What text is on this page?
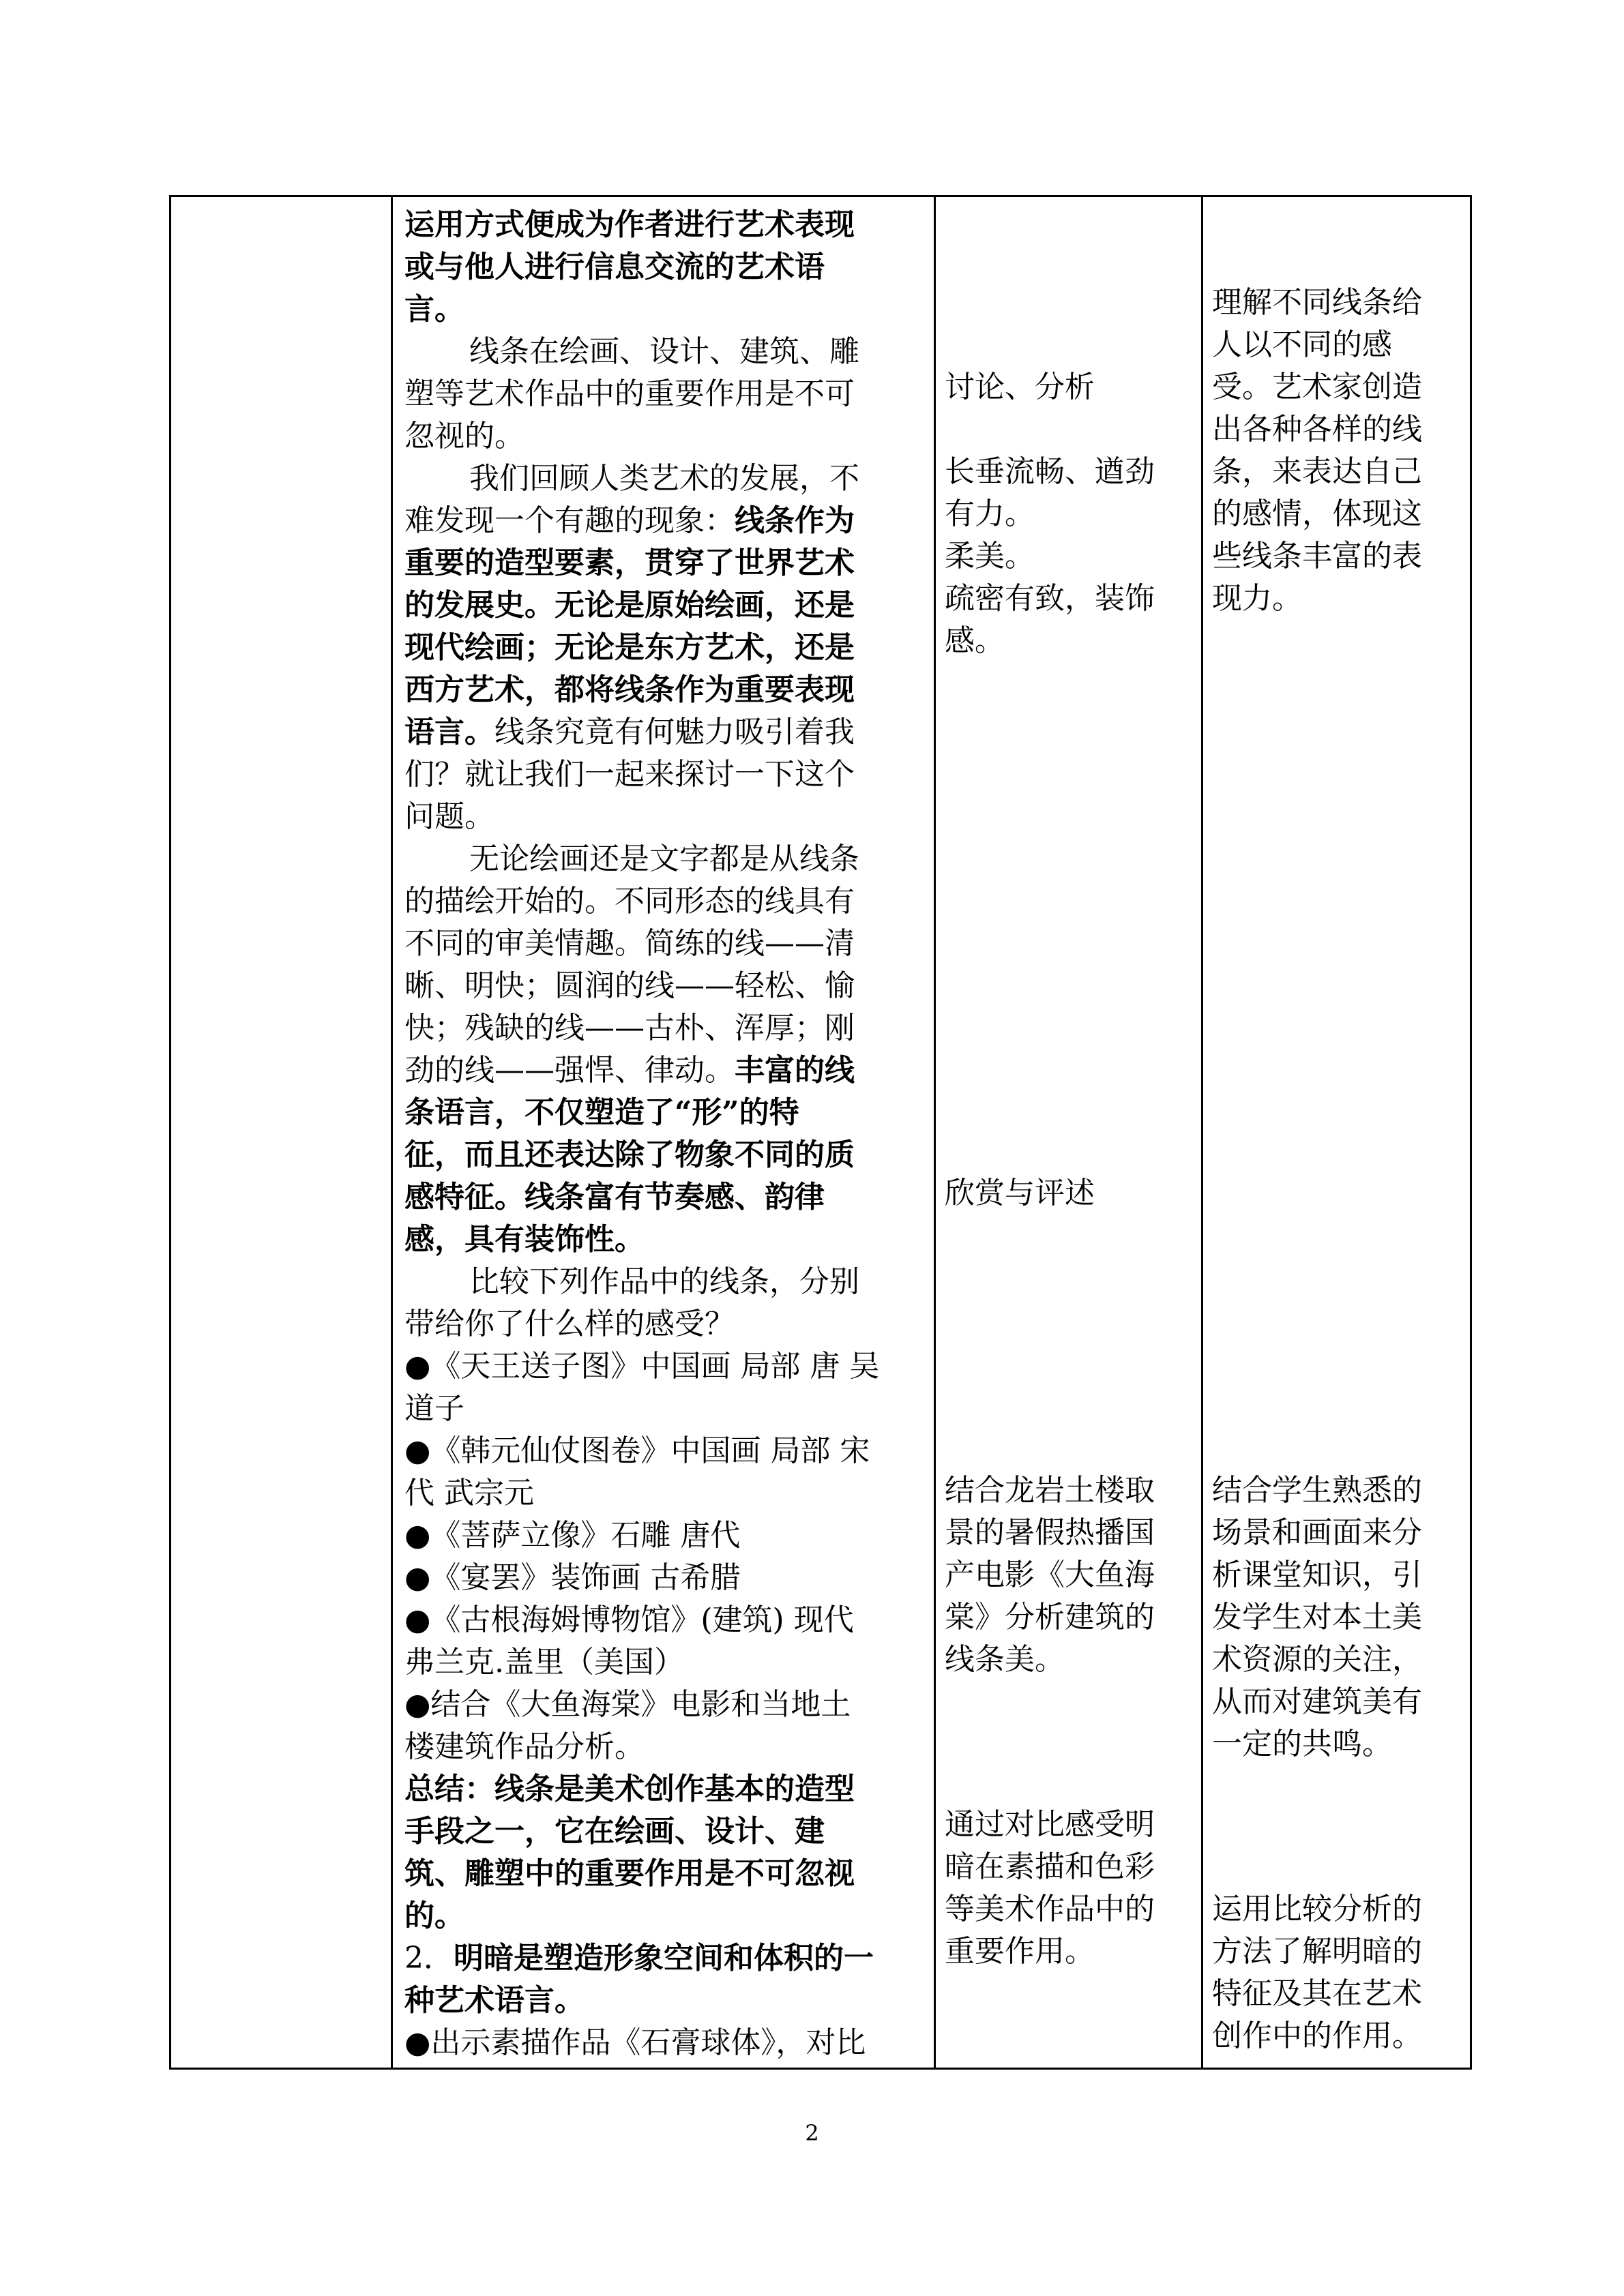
运用方式便成为作者进行艺术表现
或与他人进行信息交流的艺术语
言。
线条在绘画、设计、建筑、雕
塑等艺术作品中的重要作用是不可
忽视的。
我们回顾人类艺术的发展，不
难发现一个有趣的现象：线条作为
重要的造型要素，贯穿了世界艺术
的发展史。无论是原始绘画，还是
现代绘画；无论是东方艺术，还是
西方艺术，都将线条作为重要表现
语言。线条究竟有何魅力吸引着我
们？就让我们一起来探讨一下这个
问题。
无论绘画还是文字都是从线条
的描绘开始的。不同形态的线具有
不同的审美情趣。简练的线——清
晰、明快；圆润的线——轻松、愉
快；残缺的线——古朴、浑厚；刚
劲的线——强悍、律动。丰富的线
条语言，不仅塑造了“形”的特
征，而且还表达除了物象不同的质
感特征。线条富有节奏感、韵律
感，具有装饰性。
比较下列作品中的线条，分别
带给你了什么样的感受？
●《天王送子图》中国画 局部 唐 吴
道子
●《韩元仙仗图卷》中国画 局部 宋
代 武宗元
●《菩萨立像》石雕 唐代
●《宴罢》装饰画 古希腊
●《古根海姆博物馆》(建筑) 现代
弗兰克.盖里（美国）
●结合《大鱼海棠》电影和当地土
楼建筑作品分析。
总结：线条是美术创作基本的造型
手段之一，它在绘画、设计、建
筑、雕塑中的重要作用是不可忽视
的。
2．明暗是塑造形象空间和体积的一
种艺术语言。
●出示素描作品《石膏球体》，对比
讨论、分析
长垂流畅、遒劲
有力。
柔美。
疏密有致，装饰
感。
欣赏与评述
结合龙岩土楼取
景的暑假热播国
产电影《大鱼海
棠》分析建筑的
线条美。
通过对比感受明
暗在素描和色彩
等美术作品中的
重要作用。
理解不同线条给
人以不同的感
受。艺术家创造
出各种各样的线
条，来表达自己
的感情，体现这
些线条丰富的表
现力。
结合学生熟悉的
场景和画面来分
析课堂知识，引
发学生对本土美
术资源的关注，
从而对建筑美有
一定的共鸣。
运用比较分析的
方法了解明暗的
特征及其在艺术
创作中的作用。
2
